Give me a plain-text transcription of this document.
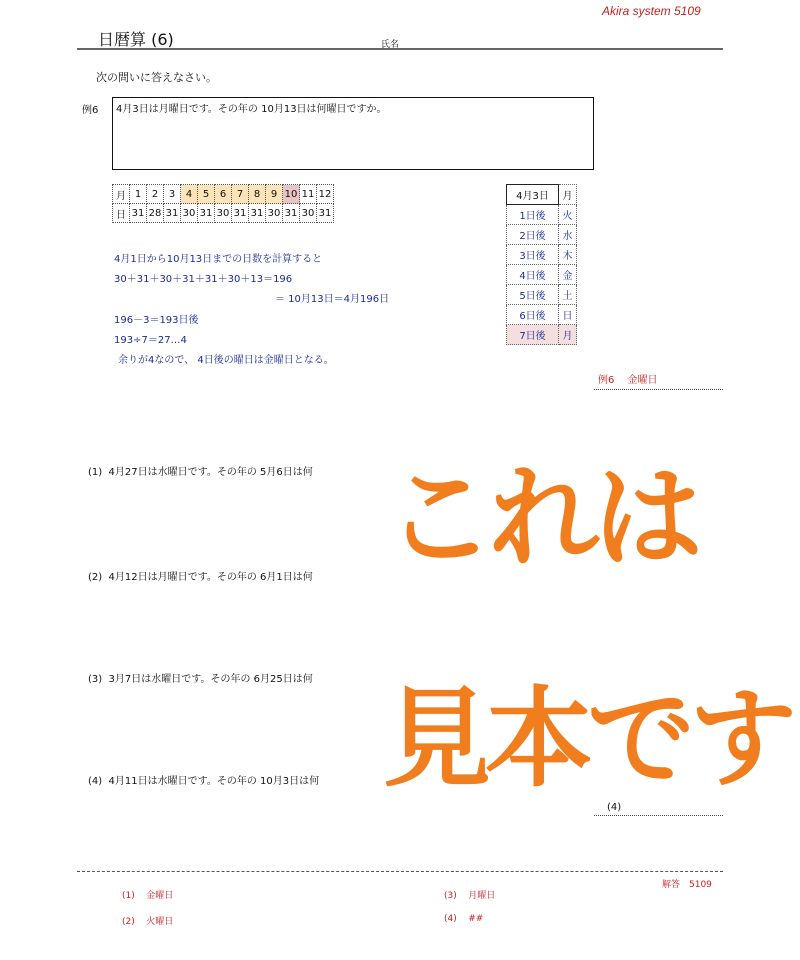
Akira system 5109
日暦算 (6)	氏名
次の問いに答えなさい。
例6 4月3日は月曜日です。その年の 10月13日は何曜日ですか。
月	1	2	3	4	5	6	7	8	9	10	11	12
日	31	28	31	30	31	30	31	31	30	31	30	31
4月1日から10月13日までの日数を計算すると
30＋31＋30＋31＋31＋30＋13＝196
＝ 10月13日＝4月196日
196－3＝193日後
193÷7＝27…4
余りが4なので、 4日後の曜日は金曜日となる。
4月3日	月
1日後	火
2日後	水
3日後	木
4日後	金
5日後	土
6日後	日
7日後	月
例6　 金曜日
(1) 4月27日は水曜日です。その年の 5月6日は何
(2) 4月12日は月曜日です。その年の 6月1日は何
(3) 3月7日は水曜日です。その年の 6月25日は何
(4) 4月11日は水曜日です。その年の 10月3日は何
(4)
これは
見本です
解答　5109
(1) 金曜日
(2) 火曜日
(3) 月曜日
(4) ##
